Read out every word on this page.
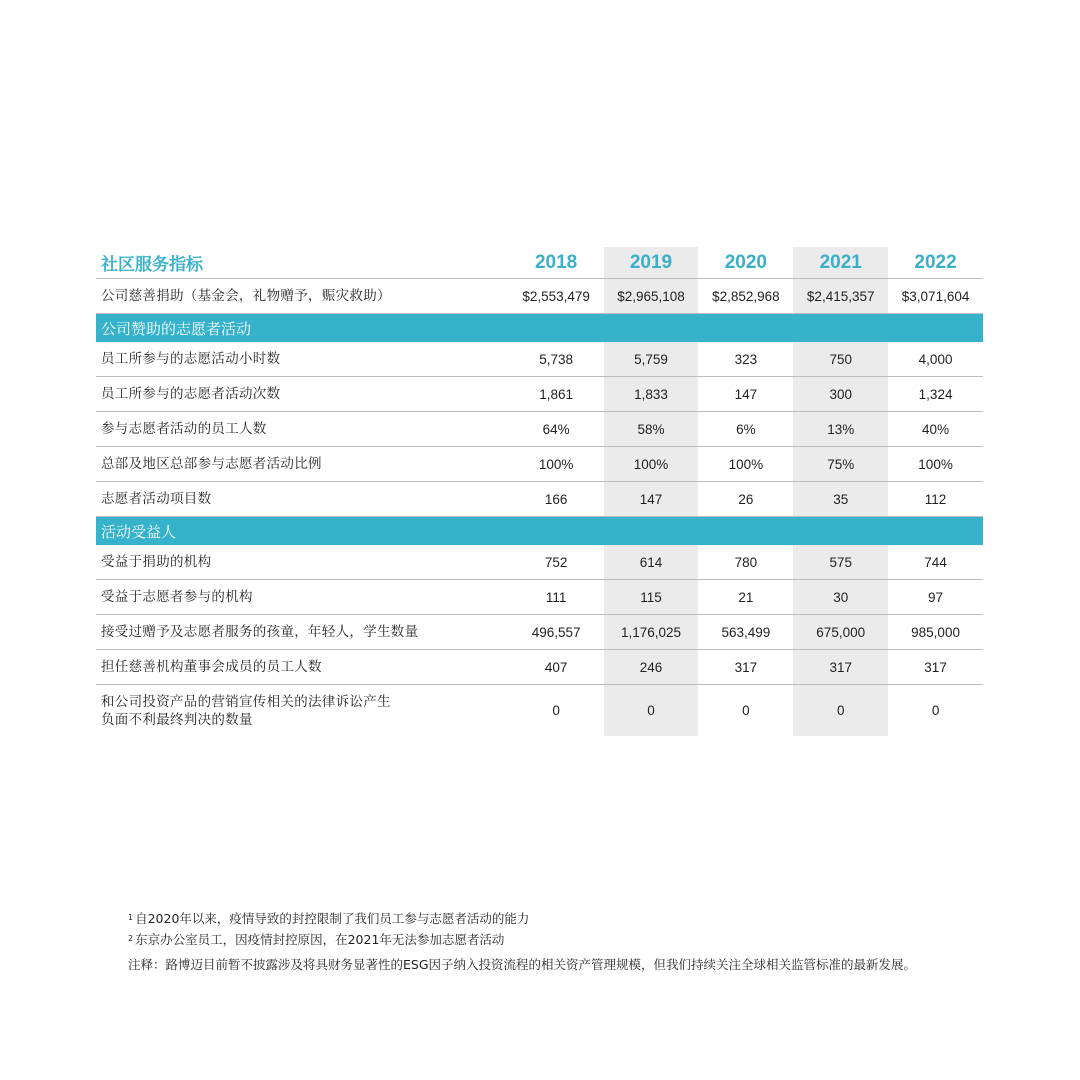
社区服务指标	2018	2019	2020	2021	2022
公司慈善捐助（基金会，礼物赠予，赈灾救助）	$2,553,479	$2,965,108	$2,852,968	$2,415,357	$3,071,604
公司赞助的志愿者活动
员工所参与的志愿活动小时数	5,738	5,759	323	750	4,000
员工所参与的志愿者活动次数	1,861	1,833	147	300	1,324
参与志愿者活动的员工人数	64%	58%	6%	13%	40%
总部及地区总部参与志愿者活动比例	100%	100%	100%	75%	100%
志愿者活动项目数	166	147	26	35	112
活动受益人
受益于捐助的机构	752	614	780	575	744
受益于志愿者参与的机构	111	115	21	30	97
接受过赠予及志愿者服务的孩童，年轻人，学生数量	496,557	1,176,025	563,499	675,000	985,000
担任慈善机构董事会成员的员工人数	407	246	317	317	317
和公司投资产品的营销宣传相关的法律诉讼产生
负面不利最终判决的数量
0	0	0	0	0
$^1$ 自2020年以来，疫情导致的封控限制了我们员工参与志愿者活动的能力
$^2$ 东京办公室员工，因疫情封控原因，在2021年无法参加志愿者活动
注释：路博迈目前暂不披露涉及将具财务显著性的ESG因子纳入投资流程的相关资产管理规模，但我们持续关注全球相关监管标准的最新发展。
